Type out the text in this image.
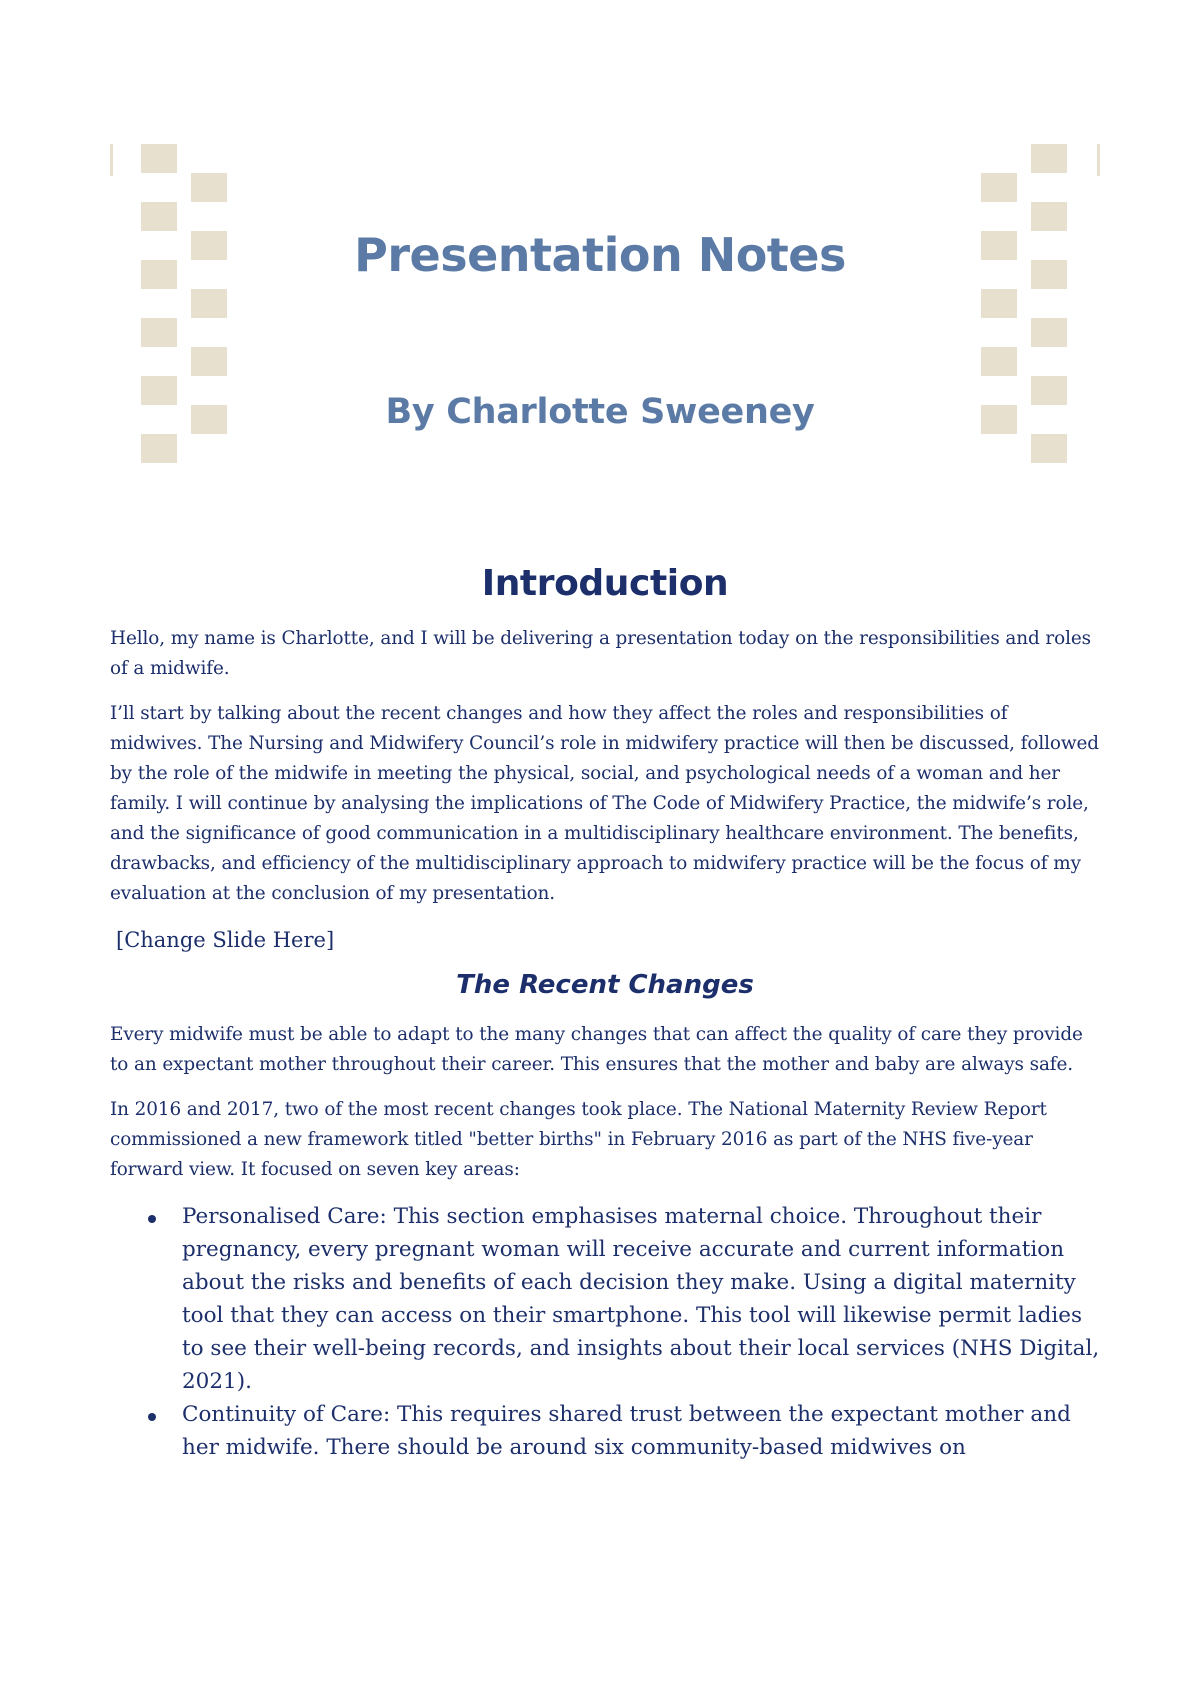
Presentation Notes
By Charlotte Sweeney
Introduction

Hello, my name is Charlotte, and I will be delivering a presentation today on the responsibilities and roles of a midwife.

I’ll start by talking about the recent changes and how they affect the roles and responsibilities of midwives. The Nursing and Midwifery Council’s role in midwifery practice will then be discussed, followed by the role of the midwife in meeting the physical, social, and psychological needs of a woman and her family. I will continue by analysing the implications of The Code of Midwifery Practice, the midwife’s role, and the significance of good communication in a multidisciplinary healthcare environment. The benefits, drawbacks, and efficiency of the multidisciplinary approach to midwifery practice will be the focus of my evaluation at the conclusion of my presentation.

[Change Slide Here]

The Recent Changes

Every midwife must be able to adapt to the many changes that can affect the quality of care they provide to an expectant mother throughout their career. This ensures that the mother and baby are always safe.

In 2016 and 2017, two of the most recent changes took place. The National Maternity Review Report commissioned a new framework titled "better births" in February 2016 as part of the NHS five-year forward view. It focused on seven key areas:

Personalised Care: This section emphasises maternal choice. Throughout their pregnancy, every pregnant woman will receive accurate and current information about the risks and benefits of each decision they make. Using a digital maternity tool that they can access on their smartphone. This tool will likewise permit ladies to see their well-being records, and insights about their local services (NHS Digital, 2021).
Continuity of Care: This requires shared trust between the expectant mother and her midwife. There should be around six community-based midwives on
